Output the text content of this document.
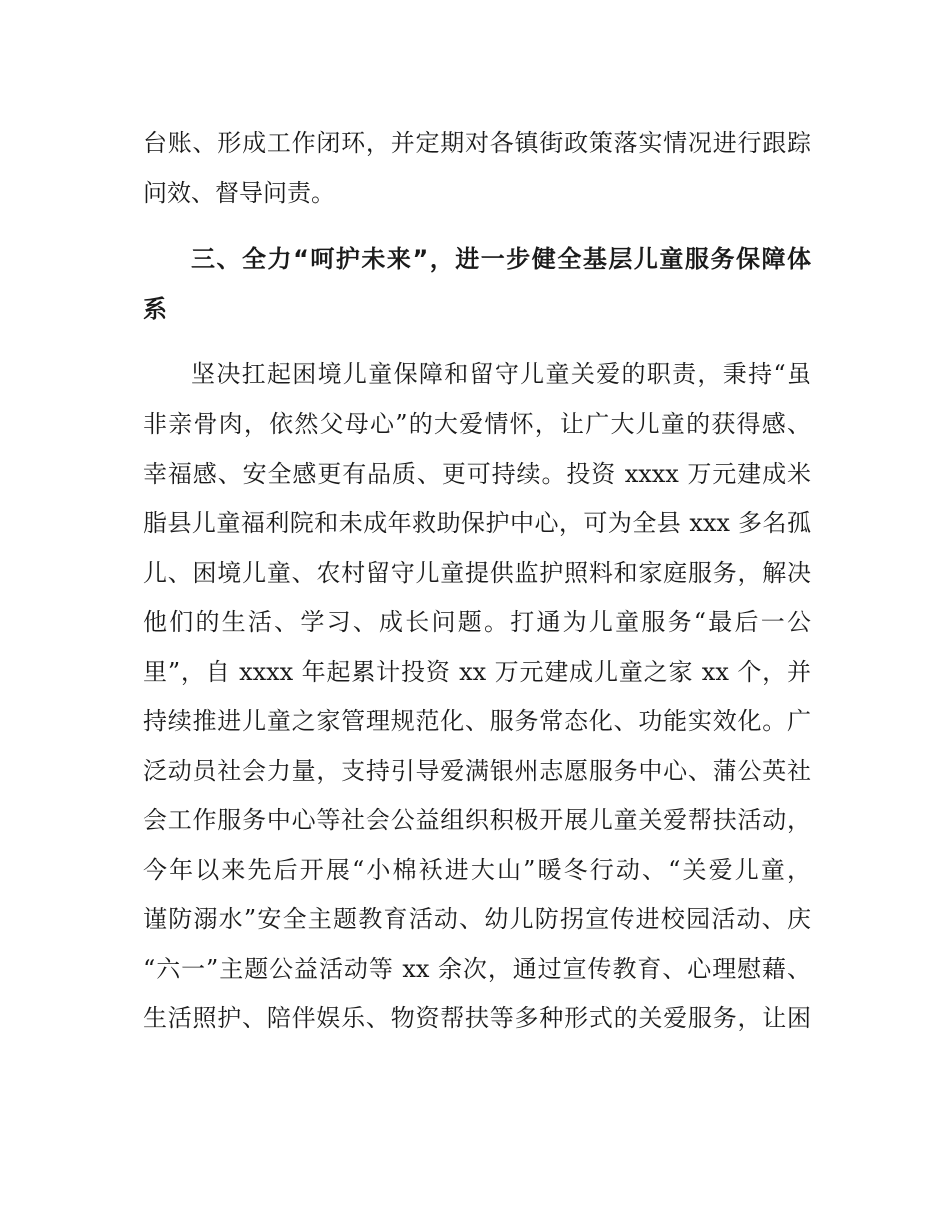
台账、形成工作闭环，并定期对各镇街政策落实情况进行跟踪
问效、督导问责。
三、全力“呵护未来”，进一步健全基层儿童服务保障体
系
坚决扛起困境儿童保障和留守儿童关爱的职责，秉持“虽
非亲骨肉，依然父母心”的大爱情怀，让广大儿童的获得感、
幸福感、安全感更有品质、更可持续。投资 xxxx 万元建成米
脂县儿童福利院和未成年救助保护中心，可为全县 xxx 多名孤
儿、困境儿童、农村留守儿童提供监护照料和家庭服务，解决
他们的生活、学习、成长问题。打通为儿童服务“最后一公
里”，自 xxxx 年起累计投资 xx 万元建成儿童之家 xx 个，并
持续推进儿童之家管理规范化、服务常态化、功能实效化。广
泛动员社会力量，支持引导爱满银州志愿服务中心、蒲公英社
会工作服务中心等社会公益组织积极开展儿童关爱帮扶活动，
今年以来先后开展“小棉袄进大山”暖冬行动、“关爱儿童，
谨防溺水”安全主题教育活动、幼儿防拐宣传进校园活动、庆
“六一”主题公益活动等 xx 余次，通过宣传教育、心理慰藉、
生活照护、陪伴娱乐、物资帮扶等多种形式的关爱服务，让困
